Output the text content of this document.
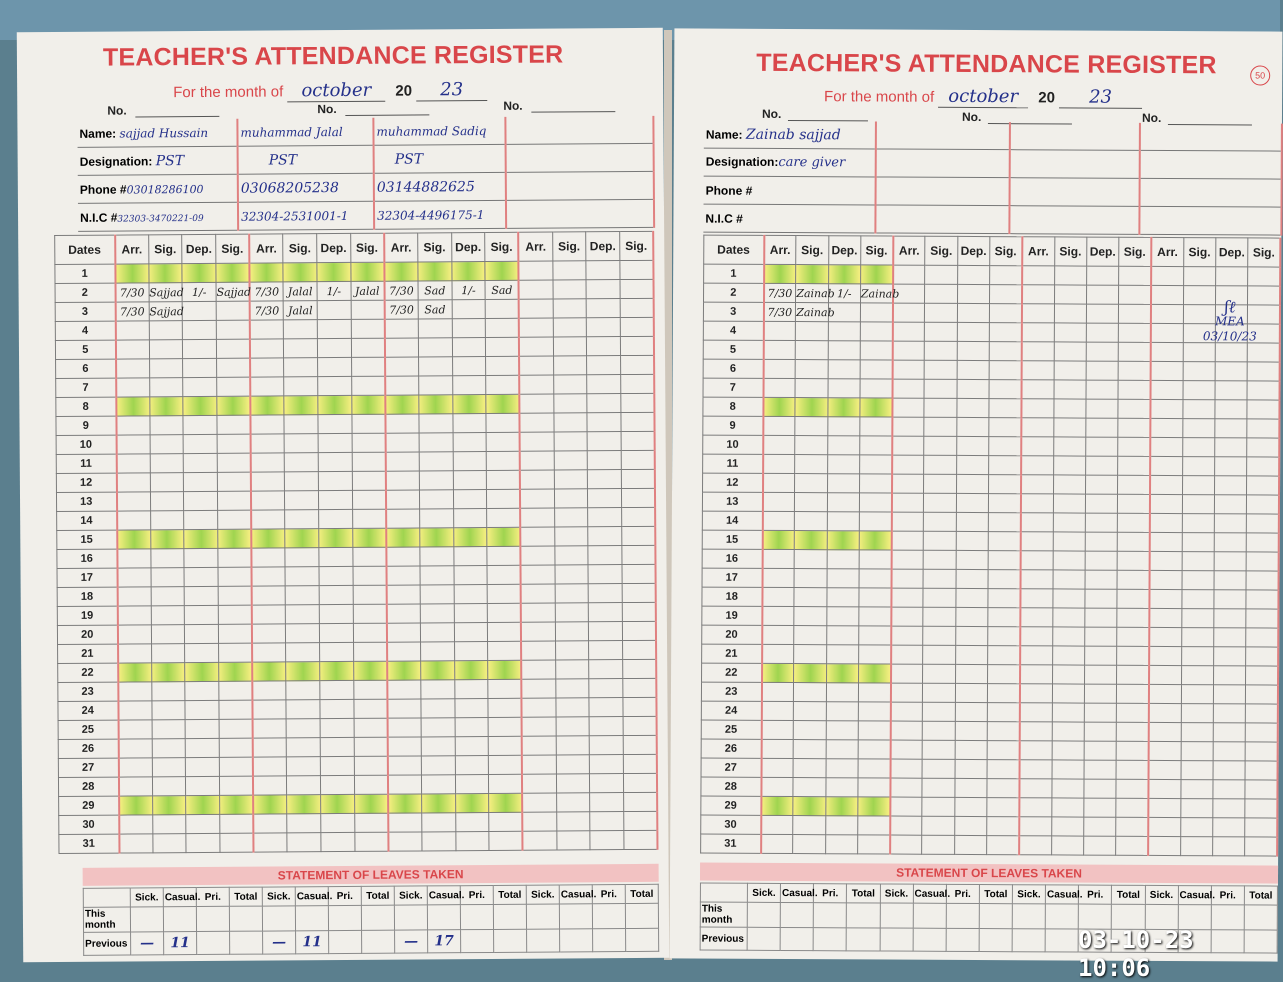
TEACHER'S ATTENDANCE REGISTER
For the month of october 20 23
No.	No.	No.
Name: sajjad Hussain	muhammad Jalal	muhammad Sadiq	
Designation: PST	PST	PST	
Phone #03018286100	03068205238	03144882625	
N.I.C #32303-3470221-09	32304-2531001-1	32304-4496175-1	
Dates	Arr.	Sig.	Dep.	Sig.	Arr.	Sig.	Dep.	Sig.	Arr.	Sig.	Dep.	Sig.	Arr.	Sig.	Dep.	Sig.
1																
2	7/30	Sajjad	1/-	Sajjad	7/30	Jalal	1/-	Jalal	7/30	Sad	1/-	Sad				
3	7/30	Sajjad			7/30	Jalal			7/30	Sad						
4																
5																
6																
7																
8																
9																
10																
11																
12																
13																
14																
15																
16																
17																
18																
19																
20																
21																
22																
23																
24																
25																
26																
27																
28																
29																
30																
31																
STATEMENT OF LEAVES TAKEN
	Sick.	Casual.	Pri.	Total	Sick.	Casual.	Pri.	Total	Sick.	Casual.	Pri.	Total	Sick.	Casual.	Pri.	Total
This month																
Previous	—	11			—	11			—	17						
TEACHER'S ATTENDANCE REGISTER	50
For the month of october 20 23
No.	No.	No.
Name: Zainab sajjad			
Designation:care giver			
Phone #			
N.I.C #			
Dates	Arr.	Sig.	Dep.	Sig.	Arr.	Sig.	Dep.	Sig.	Arr.	Sig.	Dep.	Sig.	Arr.	Sig.	Dep.	Sig.
1																
2	7/30	Zainab	1/-	Zainab												
3	7/30	Zainab														
4																
5																
6																
7																
8																
9																
10																
11																
12																
13																
14																
15																
16																
17																
18																
19																
20																
21																
22																
23																
24																
25																
26																
27																
28																
29																
30																
31																
ʃℓ
MEA
03/10/23
STATEMENT OF LEAVES TAKEN
	Sick.	Casual.	Pri.	Total	Sick.	Casual.	Pri.	Total	Sick.	Casual.	Pri.	Total	Sick.	Casual.	Pri.	Total
This month																
Previous																	03-10-23 10:06
